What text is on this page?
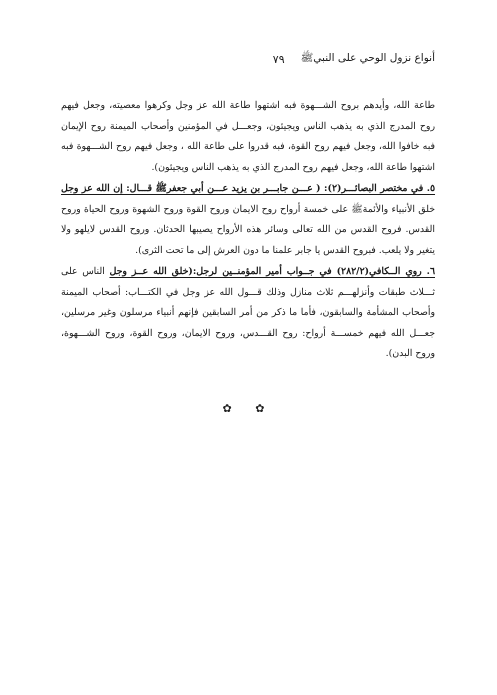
أنواع نزول الوحي على النبيﷺ
٧٩

طاعة الله، وأيدهم بروح الشـــهوة فبه اشتهوا طاعة الله عز وجل وكرهوا معصيته، وجعل فيهم روح المدرج الذي به يذهب الناس ويجيئون، وجعـــل في المؤمنين وأصحاب الميمنة روح الإيمان فبه خافوا الله، وجعل فيهم روح القوة، فبه قدروا على طاعة الله ، وجعل فيهم روح الشـــهوة فبه اشتهوا طاعة الله، وجعل فيهم روح المدرج الذي به يذهب الناس ويجيئون).

٥. في مختصر البصائـــر(٢): ( عـــن جابـــر بن يزيد عـــن أبي جعفرﷺ قـــال: إن الله عز وجل خلق الأنبياء والأئمةﷺ على خمسة أرواح روح الايمان وروح القوة وروح الشهوة وروح الحياة وروح القدس. فروح القدس من الله تعالى وسائر هذه الأرواح يصيبها الحدثان. وروح القدس لايلهو ولا يتغير ولا يلعب. فبروح القدس يا جابر علمنا ما دون العرش إلى ما تحت الثرى).

٦. روي الــكافي(٢٨٢/٢) في جــواب أمير المؤمنــين لرجل:(خلق الله عــز وجل الناس على ثـــلاث طبقات وأنزلهـــم ثلاث منازل وذلك قـــول الله عز وجل في الكتـــاب: أصحاب الميمنة وأصحاب المشأمة والسابقون، فأما ما ذكر من أمر السابقين فإنهم أنبياء مرسلون وغير مرسلين، جعـــل الله فيهم خمســـة أرواح: روح القـــدس، وروح الايمان، وروح القوة، وروح الشـــهوة، وروح البدن).

✿ ✿
